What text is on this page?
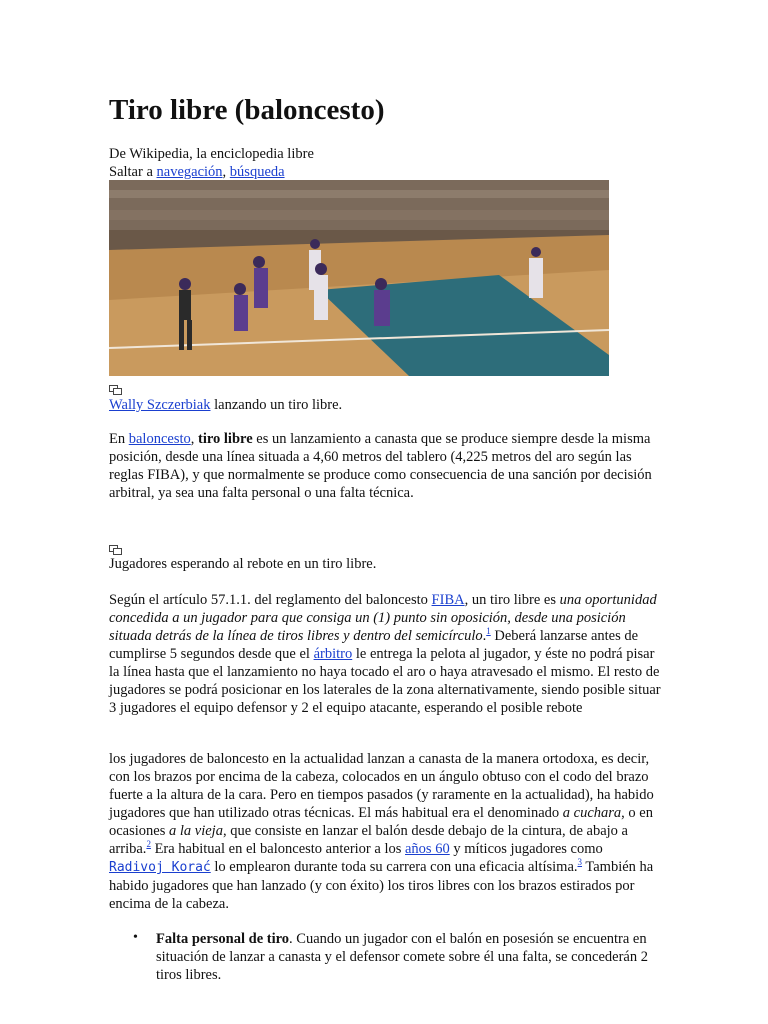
Tiro libre (baloncesto)

De Wikipedia, la enciclopedia libre

Saltar a navegación, búsqueda

Wally Szczerbiak lanzando un tiro libre.

En baloncesto, tiro libre es un lanzamiento a canasta que se produce siempre desde la misma posición, desde una línea situada a 4,60 metros del tablero (4,225 metros del aro según las reglas FIBA), y que normalmente se produce como consecuencia de una sanción por decisión arbitral, ya sea una falta personal o una falta técnica.

Jugadores esperando al rebote en un tiro libre.

Según el artículo 57.1.1. del reglamento del baloncesto FIBA, un tiro libre es una oportunidad concedida a un jugador para que consiga un (1) punto sin oposición, desde una posición situada detrás de la línea de tiros libres y dentro del semicírculo.$^1$ Deberá lanzarse antes de cumplirse 5 segundos desde que el árbitro le entrega la pelota al jugador, y éste no podrá pisar la línea hasta que el lanzamiento no haya tocado el aro o haya atravesado el mismo. El resto de jugadores se podrá posicionar en los laterales de la zona alternativamente, siendo posible situar 3 jugadores el equipo defensor y 2 el equipo atacante, esperando el posible rebote

los jugadores de baloncesto en la actualidad lanzan a canasta de la manera ortodoxa, es decir, con los brazos por encima de la cabeza, colocados en un ángulo obtuso con el codo del brazo fuerte a la altura de la cara. Pero en tiempos pasados (y raramente en la actualidad), ha habido jugadores que han utilizado otras técnicas. El más habitual era el denominado a cuchara, o en ocasiones a la vieja, que consiste en lanzar el balón desde debajo de la cintura, de abajo a arriba.$^2$ Era habitual en el baloncesto anterior a los años 60 y míticos jugadores como Radivoj Korać lo emplearon durante toda su carrera con una eficacia altísima.$^3$ También ha habido jugadores que han lanzado (y con éxito) los tiros libres con los brazos estirados por encima de la cabeza.

• Falta personal de tiro. Cuando un jugador con el balón en posesión se encuentra en situación de lanzar a canasta y el defensor comete sobre él una falta, se concederán 2 tiros libres.
